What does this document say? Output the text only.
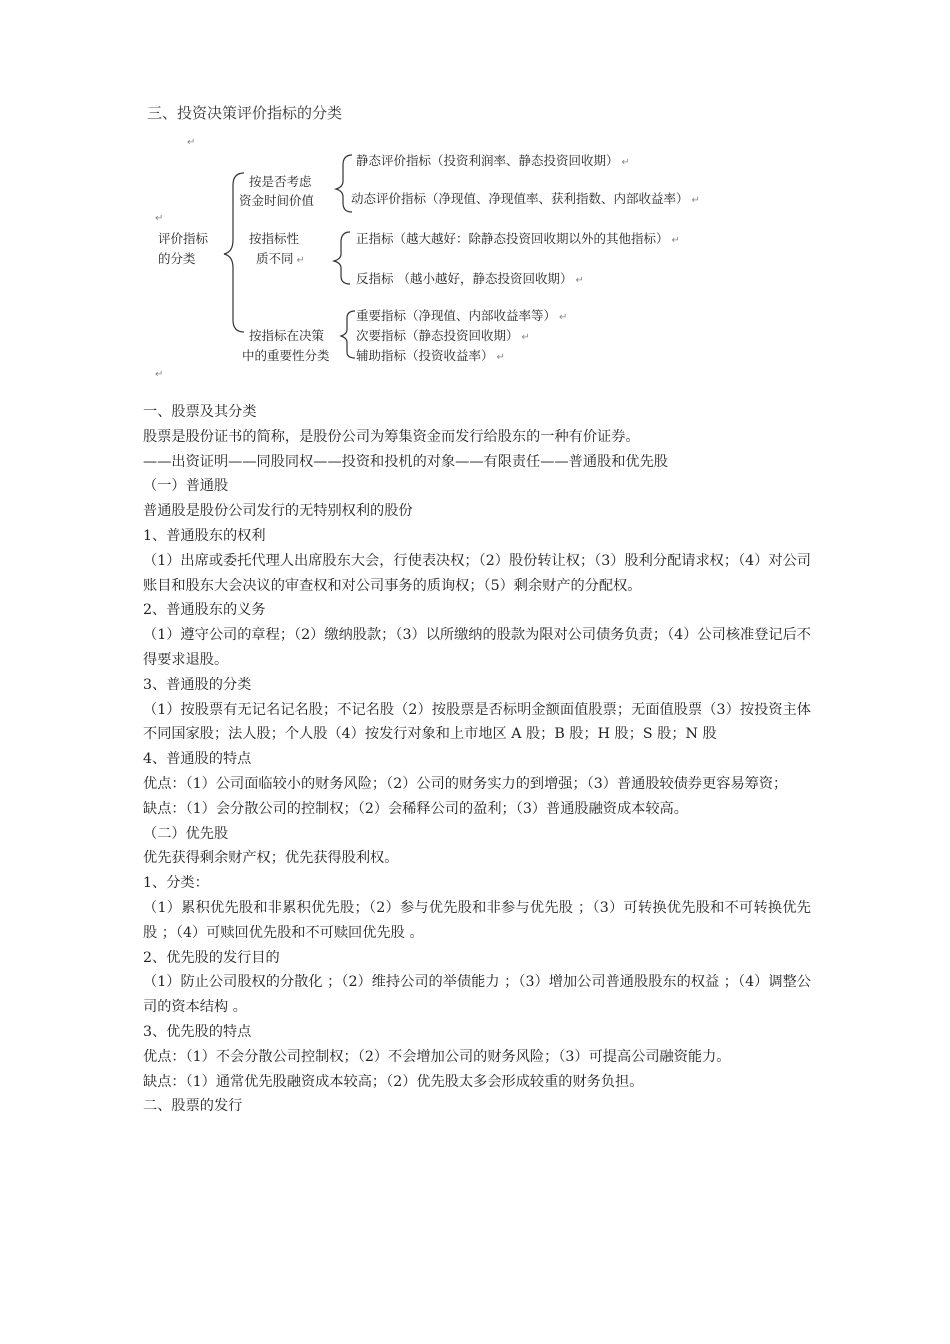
三、投资决策评价指标的分类
↵
↵
↵
评价指标
的分类
按是否考虑
资金时间价值
静态评价指标（投资利润率、静态投资回收期） ↵
动态评价指标（净现值、净现值率、获利指数、内部收益率） ↵
按指标性
质不同 ↵
正指标（越大越好：除静态投资回收期以外的其他指标） ↵
反指标 （越小越好，静态投资回收期） ↵
按指标在决策
中的重要性分类
重要指标（净现值、内部收益率等） ↵
次要指标（静态投资回收期） ↵
辅助指标（投资收益率） ↵

一、股票及其分类

股票是股份证书的简称，是股份公司为筹集资金而发行给股东的一种有价证券。

——出资证明——同股同权——投资和投机的对象——有限责任——普通股和优先股

（一）普通股

普通股是股份公司发行的无特别权利的股份

1、普通股东的权利

（1）出席或委托代理人出席股东大会，行使表决权；（2）股份转让权；（3）股利分配请求权；（4）对公司账目和股东大会决议的审查权和对公司事务的质询权；（5）剩余财产的分配权。

2、普通股东的义务

（1）遵守公司的章程；（2）缴纳股款；（3）以所缴纳的股款为限对公司债务负责；（4）公司核准登记后不得要求退股。

3、普通股的分类

（1）按股票有无记名记名股；不记名股（2）按股票是否标明金额面值股票；无面值股票（3）按投资主体不同国家股；法人股；个人股（4）按发行对象和上市地区 A 股；B 股；H 股；S 股；N 股

4、普通股的特点

优点：（1）公司面临较小的财务风险；（2）公司的财务实力的到增强；（3）普通股较债券更容易筹资；

缺点：（1）会分散公司的控制权；（2）会稀释公司的盈利；（3）普通股融资成本较高。

（二）优先股

优先获得剩余财产权；优先获得股利权。

1、分类：

（1）累积优先股和非累积优先股；（2）参与优先股和非参与优先股 ；（3）可转换优先股和不可转换优先股 ；（4）可赎回优先股和不可赎回优先股 。

2、优先股的发行目的

（1）防止公司股权的分散化 ；（2）维持公司的举债能力 ；（3）增加公司普通股股东的权益 ；（4）调整公司的资本结构 。

3、优先股的特点

优点：（1）不会分散公司控制权；（2）不会增加公司的财务风险；（3）可提高公司融资能力。

缺点：（1）通常优先股融资成本较高；（2）优先股太多会形成较重的财务负担。

二、股票的发行
